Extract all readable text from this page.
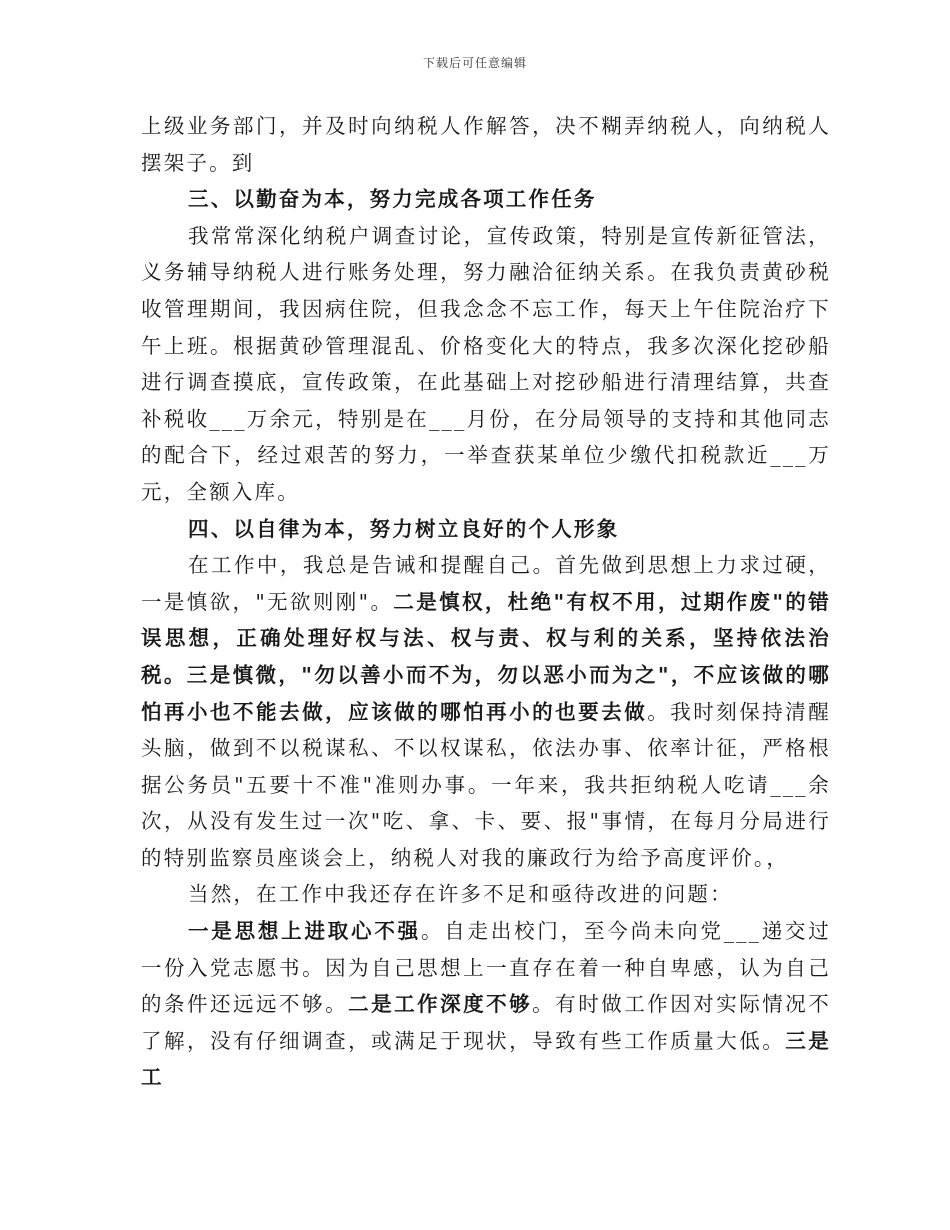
下载后可任意编辑

上级业务部门，并及时向纳税人作解答，决不糊弄纳税人，向纳税人摆架子。到

三、以勤奋为本，努力完成各项工作任务

我常常深化纳税户调查讨论，宣传政策，特别是宣传新征管法，义务辅导纳税人进行账务处理，努力融洽征纳关系。在我负责黄砂税收管理期间，我因病住院，但我念念不忘工作，每天上午住院治疗下午上班。根据黄砂管理混乱、价格变化大的特点，我多次深化挖砂船进行调查摸底，宣传政策，在此基础上对挖砂船进行清理结算，共查补税收___万余元，特别是在___月份，在分局领导的支持和其他同志的配合下，经过艰苦的努力，一举查获某单位少缴代扣税款近___万元，全额入库。

四、以自律为本，努力树立良好的个人形象

在工作中，我总是告诫和提醒自己。首先做到思想上力求过硬，一是慎欲，"无欲则刚"。二是慎权，杜绝"有权不用，过期作废"的错误思想，正确处理好权与法、权与责、权与利的关系，坚持依法治税。三是慎微，"勿以善小而不为，勿以恶小而为之"，不应该做的哪怕再小也不能去做，应该做的哪怕再小的也要去做。我时刻保持清醒头脑，做到不以税谋私、不以权谋私，依法办事、依率计征，严格根据公务员"五要十不准"准则办事。一年来，我共拒纳税人吃请___余次，从没有发生过一次"吃、拿、卡、要、报"事情，在每月分局进行的特别监察员座谈会上，纳税人对我的廉政行为给予高度评价。，

当然，在工作中我还存在许多不足和亟待改进的问题：

一是思想上进取心不强。自走出校门，至今尚未向党___递交过一份入党志愿书。因为自己思想上一直存在着一种自卑感，认为自己的条件还远远不够。二是工作深度不够。有时做工作因对实际情况不了解，没有仔细调查，或满足于现状，导致有些工作质量大低。三是工
